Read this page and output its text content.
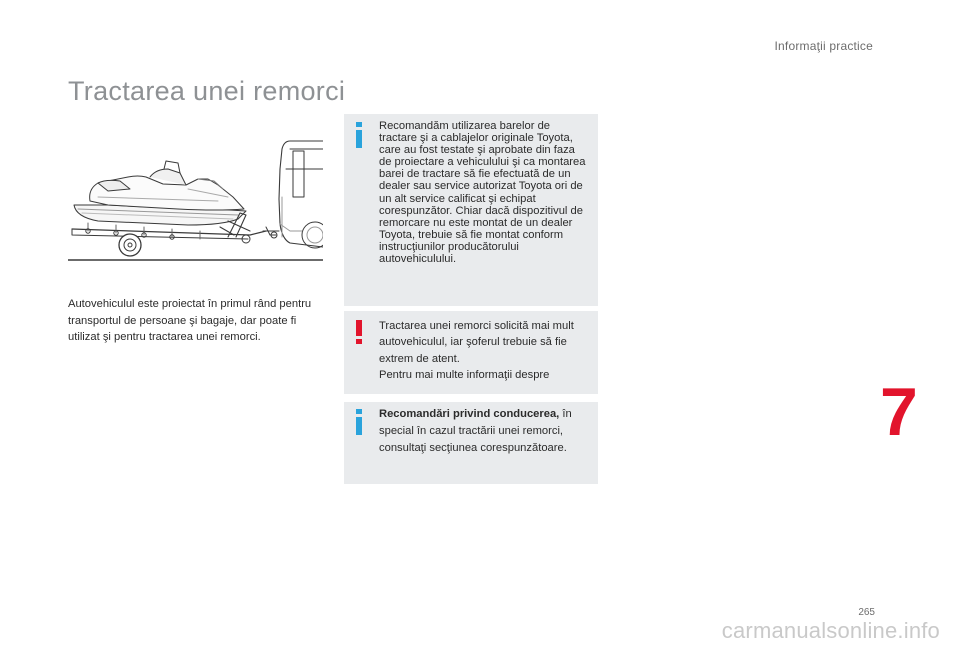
Informaţii practice
Tractarea unei remorci

Autovehiculul este proiectat în primul rând pentru transportul de persoane şi bagaje, dar poate fi utilizat şi pentru tractarea unei remorci.

Recomandăm utilizarea barelor de tractare şi a cablajelor originale Toyota, care au fost testate şi aprobate din faza de proiectare a vehiculului şi ca montarea barei de tractare să fie efectuată de un dealer sau service autorizat Toyota ori de un alt service calificat şi echipat corespunzător. Chiar dacă dispozitivul de remorcare nu este montat de un dealer Toyota, trebuie să fie montat conform instrucţiunilor producătorului autovehiculului.

Tractarea unei remorci solicită mai mult autovehiculul, iar şoferul trebuie să fie extrem de atent.

Pentru mai multe informaţii despre

Recomandări privind conducerea, în special în cazul tractării unei remorci, consultaţi secţiunea corespunzătoare.	7
265
carmanualsonline.info
